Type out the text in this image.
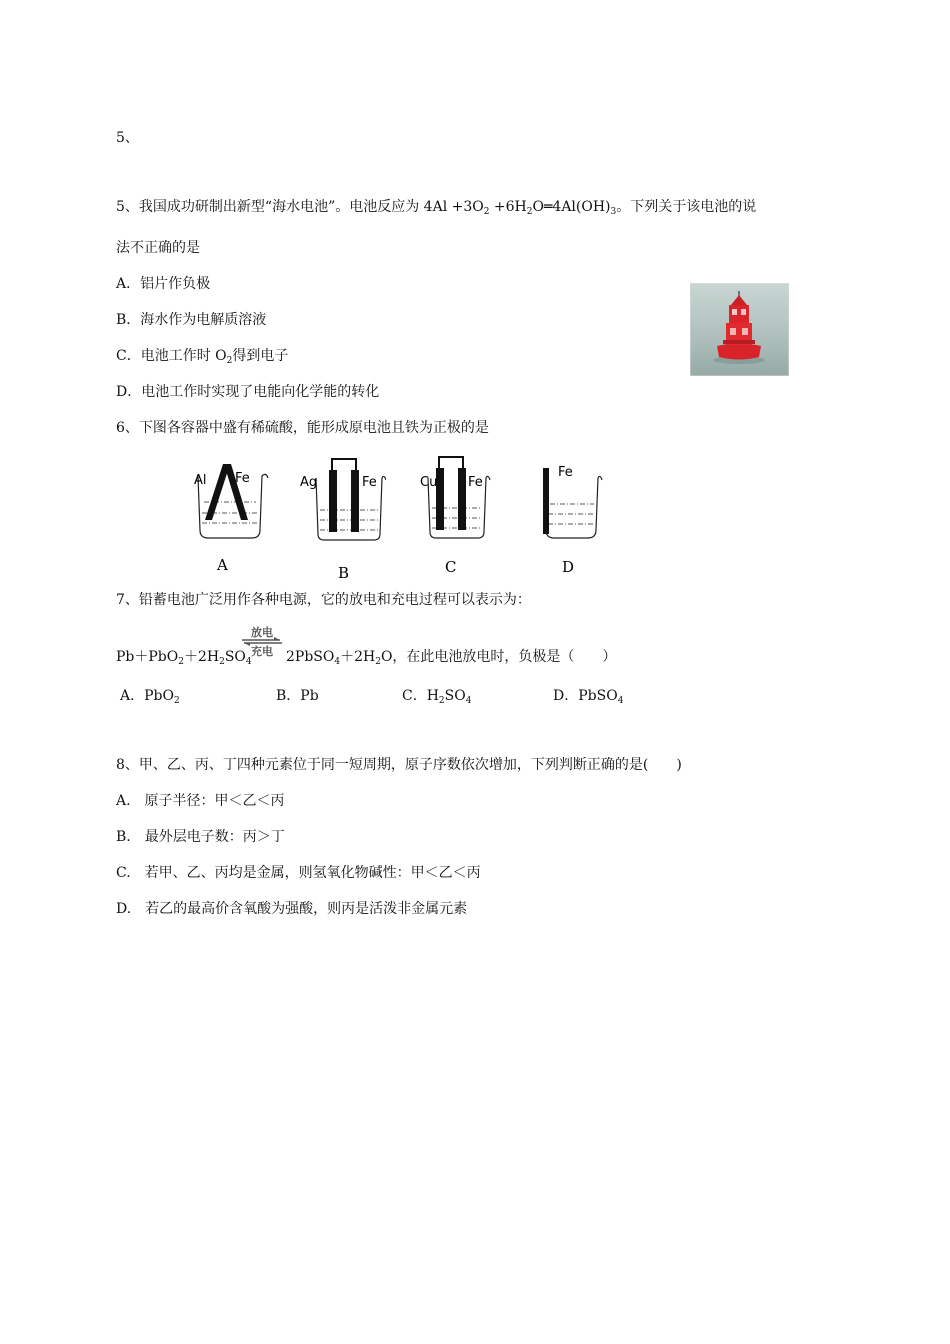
5、
5、我国成功研制出新型“海水电池”。电池反应为 $4Al +3O_2$ $+6H_2O═4Al(OH)_3$。下列关于该电池的说
法不正确的是
A．铝片作负极
B．海水作为电解质溶液
C．电池工作时 $O_2$得到电子
D．电池工作时实现了电能向化学能的转化
6、下图各容器中盛有稀硫酸，能形成原电池且铁为正极的是
Al Fe
A
Ag	Fe
B
Cu Fe
C
Fe
D
7、铅蓄电池广泛用作各种电源，它的放电和充电过程可以表示为：
放电
充电
$Pb+PbO_2+2H_2SO_4$ $2PbSO_4+2H_2O$，在此电池放电时，负极是（　　）
A．PbO$_2$	B．Pb	C．$H_2SO_4$	D．PbSO$_4$
8、甲、乙、丙、丁四种元素位于同一短周期，原子序数依次增加，下列判断正确的是(　　)
A.　原子半径：甲＜乙＜丙
B.　最外层电子数：丙＞丁
C.　若甲、乙、丙均是金属，则氢氧化物碱性：甲＜乙＜丙
D.　若乙的最高价含氧酸为强酸，则丙是活泼非金属元素
